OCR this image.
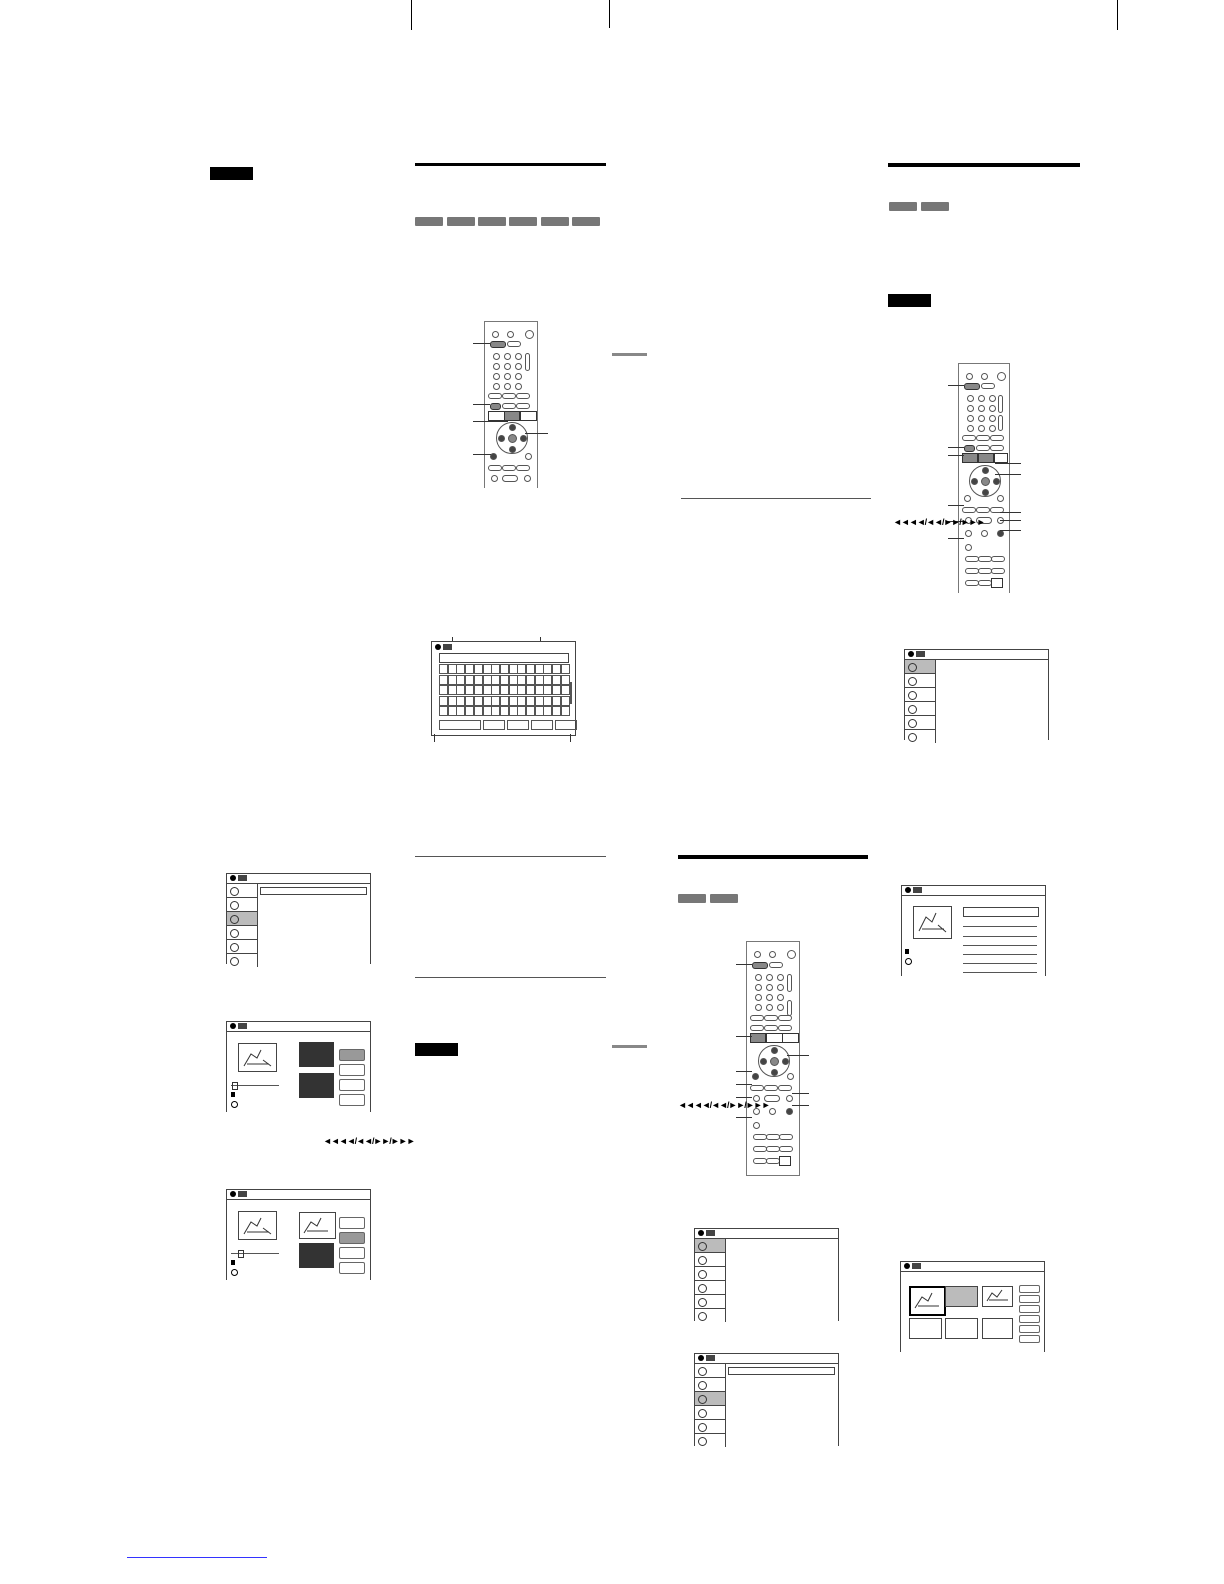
◄◄◄◄/◄◄/►►/►►►
◄◄◄◄/◄◄/►►/►►►
◄◄◄◄/◄◄/►►/►►►
